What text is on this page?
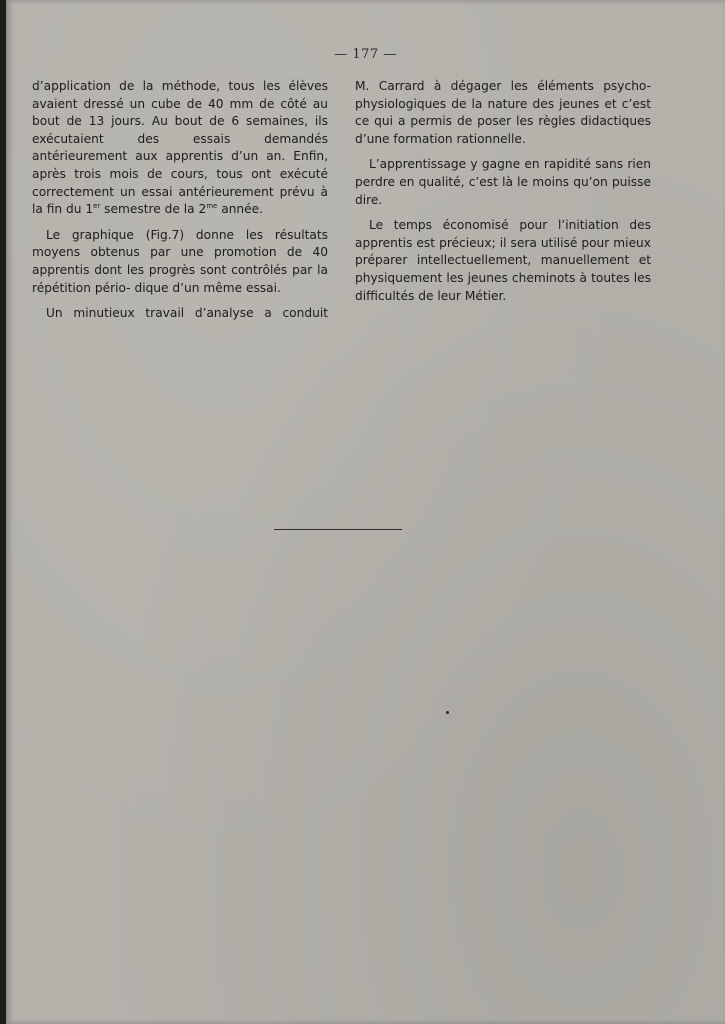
— 177 —

d’application de la méthode, tous les élèves avaient dressé un cube de 40 mm de côté au bout de 13 jours. Au bout de 6 semaines, ils exécutaient	des essais demandés antérieurement aux apprentis d’un an. Enfin, après trois mois de cours, tous ont exécuté correctement un essai antérieurement prévu à la fin du 1er semestre de la $2^{me}$ année.

Le graphique (Fig.7) donne les résultats moyens obtenus par une promotion de 40 apprentis dont les progrès sont contrôlés par la répétition pério- dique d’un même essai.

Un minutieux travail d’analyse a conduit

M. Carrard à dégager les éléments psycho- physiologiques de la nature des jeunes et c’est ce qui a permis de poser les règles didactiques d’une formation rationnelle.

L’apprentissage y gagne en rapidité sans rien perdre en qualité, c’est là le moins qu’on puisse dire.

Le temps économisé pour l’initiation des apprentis est précieux; il sera utilisé pour mieux préparer intellectuellement, manuellement et physiquement les jeunes cheminots à toutes les difficultés de leur Métier.
